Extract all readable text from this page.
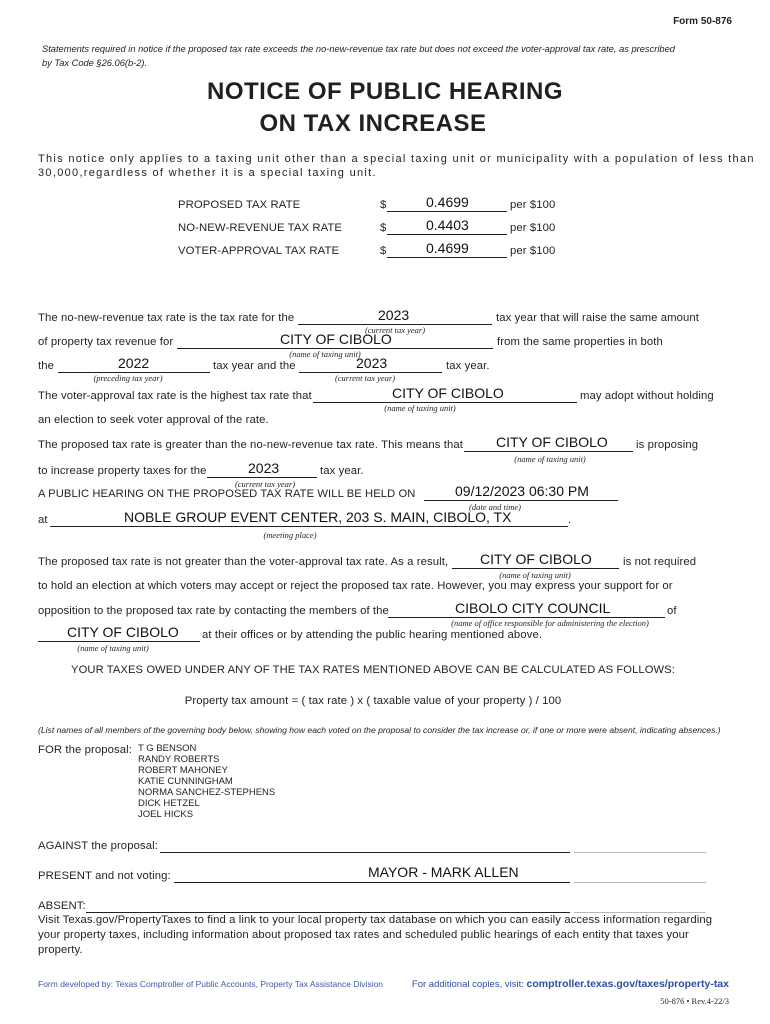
Form 50-876
Statements required in notice if the proposed tax rate exceeds the no-new-revenue tax rate but does not exceed the voter-approval tax rate, as prescribed
by Tax Code §26.06(b-2).
NOTICE OF PUBLIC HEARING
ON TAX INCREASE
This notice only applies to a taxing unit other than a special taxing unit or municipality with a population of less than
30,000,regardless of whether it is a special taxing unit.
PROPOSED TAX RATE	$	0.4699	per $100
NO-NEW-REVENUE TAX RATE	$	0.4403	per $100
VOTER-APPROVAL TAX RATE	$	0.4699	per $100
The no-new-revenue tax rate is the tax rate for the	2023	tax year that will raise the same amount
(current tax year)
of property tax revenue for	CITY OF CIBOLO	from the same properties in both
(name of taxing unit)
the	2022	tax year and the	2023	tax year.
(preceding tax year)	(current tax year)
The voter-approval tax rate is the highest tax rate that	CITY OF CIBOLO	may adopt without holding
(name of taxing unit)
an election to seek voter approval of the rate.
The proposed tax rate is greater than the no-new-revenue tax rate. This means that CITY OF CIBOLO is proposing
(name of taxing unit)
to increase property taxes for the	2023	tax year.
(current tax year)
A PUBLIC HEARING ON THE PROPOSED TAX RATE WILL BE HELD ON	09/12/2023 06:30 PM
(date and time)
at	NOBLE GROUP EVENT CENTER, 203 S. MAIN, CIBOLO, TX	.
(meeting place)
The proposed tax rate is not greater than the voter-approval tax rate. As a result, CITY OF CIBOLO	is not required
(name of taxing unit)
to hold an election at which voters may accept or reject the proposed tax rate. However, you may express your support for or
opposition to the proposed tax rate by contacting the members of the	CIBOLO CITY COUNCIL	of
(name of office responsible for administering the election)
CITY OF CIBOLO at their offices or by attending the public hearing mentioned above.
(name of taxing unit)
YOUR TAXES OWED UNDER ANY OF THE TAX RATES MENTIONED ABOVE CAN BE CALCULATED AS FOLLOWS:
Property tax amount = ( tax rate ) x ( taxable value of your property ) / 100
(List names of all members of the governing body below, showing how each voted on the proposal to consider the tax increase or, if one or more were absent, indicating absences.)
FOR the proposal: T G BENSON
RANDY ROBERTS
ROBERT MAHONEY
KATIE CUNNINGHAM
NORMA SANCHEZ-STEPHENS
DICK HETZEL
JOEL HICKS
AGAINST the proposal:
PRESENT and not voting:	MAYOR - MARK ALLEN
ABSENT:
Visit Texas.gov/PropertyTaxes to find a link to your local property tax database on which you can easily access information regarding
your property taxes, including information about proposed tax rates and scheduled public hearings of each entity that taxes your
property.
Form developed by: Texas Comptroller of Public Accounts, Property Tax Assistance Division	For additional copies, visit: comptroller.texas.gov/taxes/property-tax
50-876 • Rev.4-22/3
